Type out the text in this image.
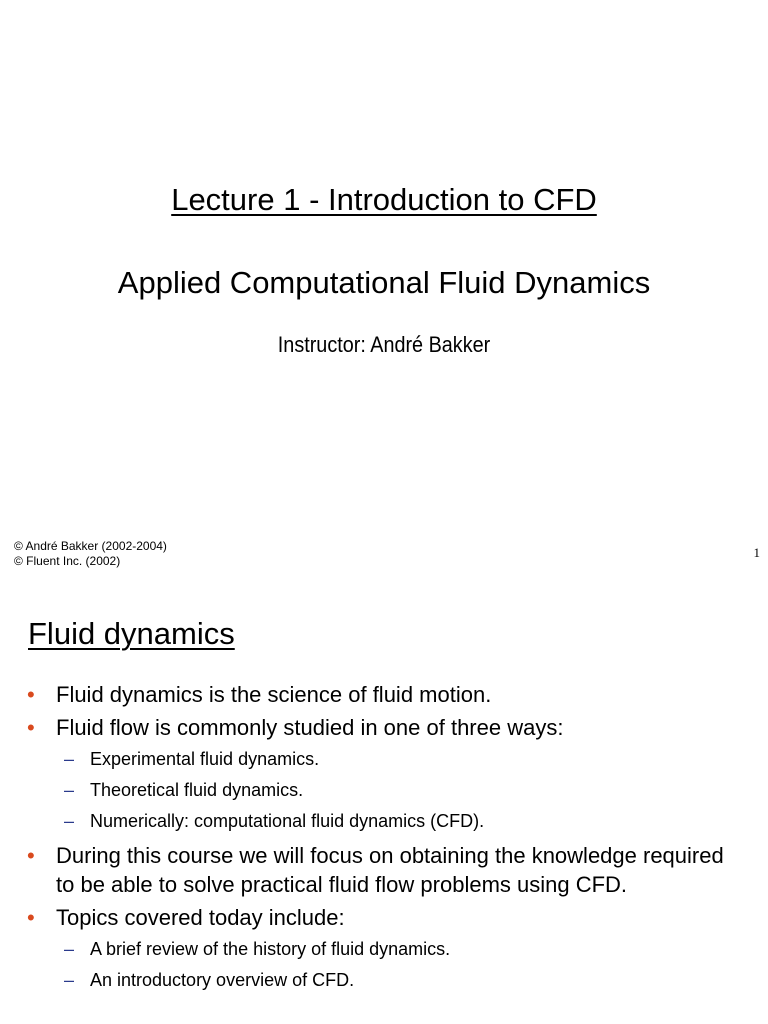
Lecture 1 - Introduction to CFD
Applied Computational Fluid Dynamics
Instructor: André Bakker
© André Bakker (2002-2004)
© Fluent Inc. (2002)
1
Fluid dynamics
• Fluid dynamics is the science of fluid motion.
• Fluid flow is commonly studied in one of three ways:
– Experimental fluid dynamics.
– Theoretical fluid dynamics.
– Numerically: computational fluid dynamics (CFD).
• During this course we will focus on obtaining the knowledge required to be able to solve practical fluid flow problems using CFD.
• Topics covered today include:
– A brief review of the history of fluid dynamics.
– An introductory overview of CFD.
